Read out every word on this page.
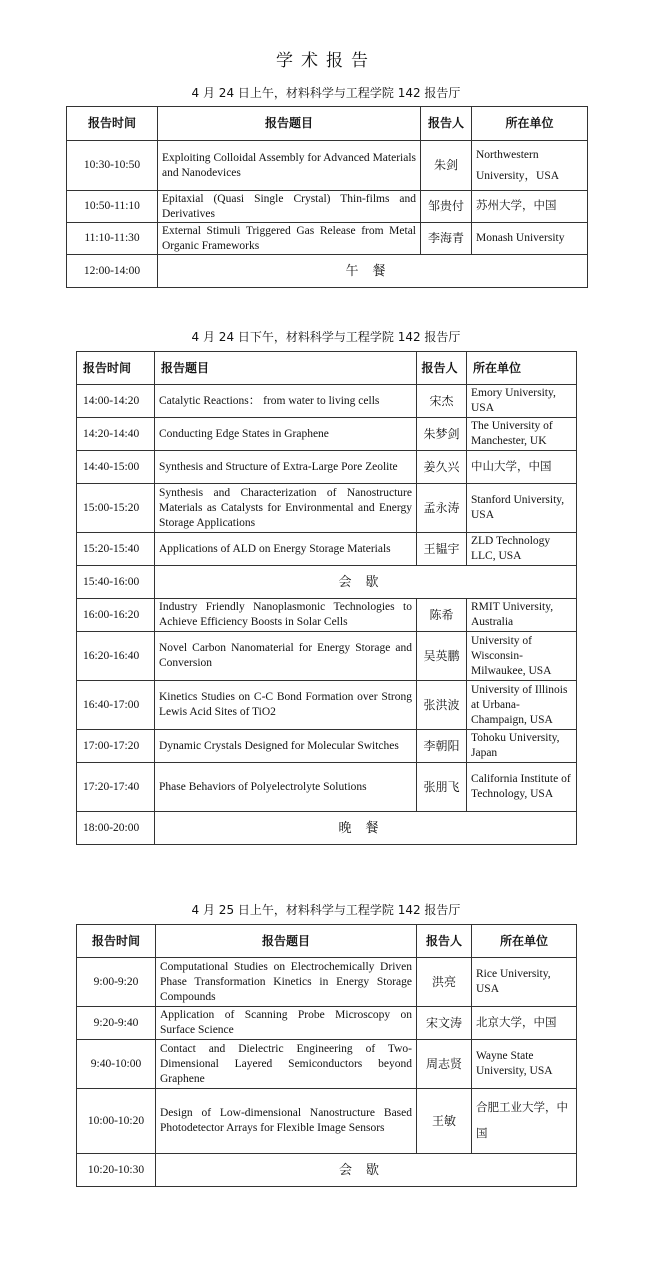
学术报告
4 月 24 日上午，材料科学与工程学院 142 报告厅
报告时间	报告题目	报告人	所在单位
10:30-10:50	Exploiting Colloidal Assembly for Advanced Materials and Nanodevices	朱剑	Northwestern University，USA
10:50-11:10	Epitaxial (Quasi Single Crystal) Thin-films and Derivatives	邹贵付	苏州大学，中国
11:10-11:30	External Stimuli Triggered Gas Release from Metal Organic Frameworks	李海青	Monash University
12:00-14:00	午餐		
4 月 24 日下午，材料科学与工程学院 142 报告厅
报告时间	报告题目	报告人	所在单位
14:00-14:20	Catalytic Reactions： from water to living cells	宋杰	Emory University, USA
14:20-14:40	Conducting Edge States in Graphene	朱梦剑	The University of Manchester, UK
14:40-15:00	Synthesis and Structure of Extra-Large Pore Zeolite	姜久兴	中山大学，中国
15:00-15:20	Synthesis and Characterization of Nanostructure Materials as Catalysts for Environmental and Energy Storage Applications	孟永涛	Stanford University, USA
15:20-15:40	Applications of ALD on Energy Storage Materials	王韫宇	ZLD Technology LLC, USA
15:40-16:00	会歇		
16:00-16:20	Industry Friendly Nanoplasmonic Technologies to Achieve Efficiency Boosts in Solar Cells	陈希	RMIT University, Australia
16:20-16:40	Novel Carbon Nanomaterial for Energy Storage and Conversion	吴英鹏	University of Wisconsin-Milwaukee, USA
16:40-17:00	Kinetics Studies on C-C Bond Formation over Strong Lewis Acid Sites of TiO2	张洪波	University of Illinois at Urbana-Champaign, USA
17:00-17:20	Dynamic Crystals Designed for Molecular Switches	李朝阳	Tohoku University, Japan
17:20-17:40	Phase Behaviors of Polyelectrolyte Solutions	张朋飞	California Institute of Technology, USA
18:00-20:00	晚餐		
4 月 25 日上午，材料科学与工程学院 142 报告厅
报告时间	报告题目	报告人	所在单位
9:00-9:20	Computational Studies on Electrochemically Driven Phase Transformation Kinetics in Energy Storage Compounds	洪亮	Rice University, USA
9:20-9:40	Application of Scanning Probe Microscopy on Surface Science	宋文涛	北京大学，中国
9:40-10:00	Contact and Dielectric Engineering of Two-Dimensional Layered Semiconductors beyond Graphene	周志贤	Wayne State University, USA
10:00-10:20	Design of Low-dimensional Nanostructure Based Photodetector Arrays for Flexible Image Sensors	王敏	合肥工业大学，中国
10:20-10:30	会歇		
